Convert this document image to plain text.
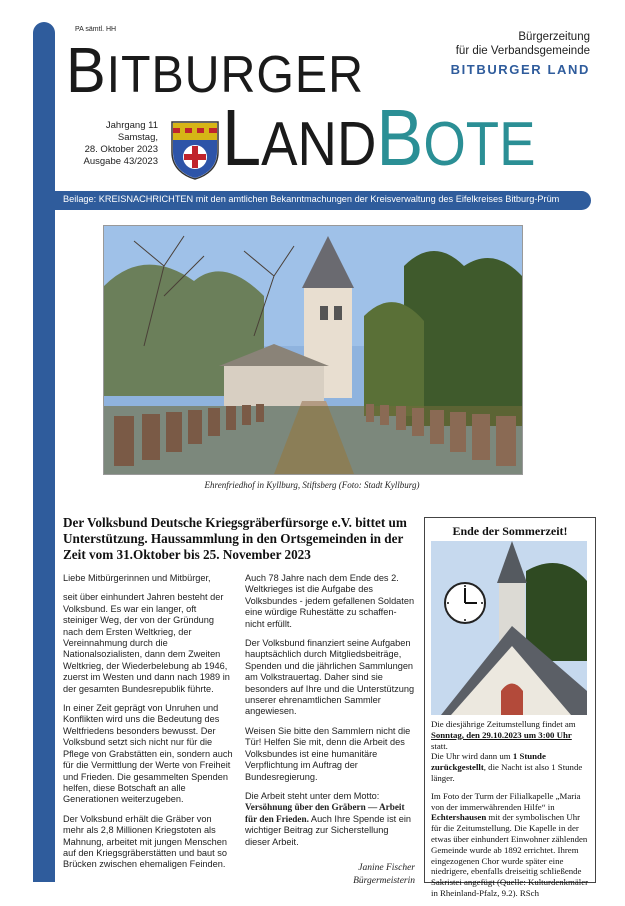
PA sämtl. HH
BITBURGER
Jahrgang 11
Samstag,
28. Oktober 2023
Ausgabe 43/2023 LANDBOTE
Bürgerzeitung
für die Verbandsgemeinde
BITBURGER LAND
Beilage: KREISNACHRICHTEN mit den amtlichen Bekanntmachungen der Kreisverwaltung des Eifelkreises Bitburg-Prüm
Ehrenfriedhof in Kyllburg, Stiftsberg (Foto: Stadt Kyllburg)
Der Volksbund Deutsche Kriegsgräberfürsorge e.V. bittet um Unterstützung. Haussammlung in den Ortsgemeinden in der Zeit vom 31.Oktober bis 25. November 2023

Liebe Mitbürgerinnen und Mitbürger,

seit über einhundert Jahren besteht der Volksbund. Es war ein langer, oft steiniger Weg, der von der Gründung nach dem Ersten Weltkrieg, der Vereinnahmung durch die Nationalsozialisten, dann dem Zweiten Weltkrieg, der Wiederbelebung ab 1946, zuerst im Westen und dann nach 1989 in der gesamten Bundesrepublik führte.

In einer Zeit geprägt von Unruhen und Konflikten wird uns die Bedeutung des Weltfriedens besonders bewusst. Der Volksbund setzt sich nicht nur für die Pflege von Grabstätten ein, sondern auch für die Vermittlung der Werte von Freiheit und Frieden. Die gesammelten Spenden helfen, diese Botschaft an alle Generationen weiterzugeben.

Der Volksbund erhält die Gräber von mehr als 2,8 Millionen Kriegstoten als Mahnung, arbeitet mit jungen Menschen auf den Kriegsgräberstätten und baut so Brücken zwischen ehemaligen Feinden.

Auch 78 Jahre nach dem Ende des 2. Weltkrieges ist die Aufgabe des Volksbundes - jedem gefallenen Soldaten eine würdige Ruhestätte zu schaffen- nicht erfüllt.

Der Volksbund finanziert seine Aufgaben hauptsächlich durch Mitgliedsbeiträge, Spenden und die jährlichen Sammlungen am Volkstrauertag. Daher sind sie besonders auf Ihre und die Unterstützung unserer ehrenamtlichen Sammler angewiesen.

Weisen Sie bitte den Sammlern nicht die Tür! Helfen Sie mit, denn die Arbeit des Volksbundes ist eine humanitäre Verpflichtung im Auftrag der Bundesregierung.

Die Arbeit steht unter dem Motto:
Versöhnung über den Gräbern — Arbeit für den Frieden. Auch Ihre Spende ist ein wichtiger Beitrag zur Sicherstellung dieser Arbeit.

Janine Fischer
Bürgermeisterin
Ende der Sommerzeit!

Die diesjährige Zeitumstellung findet am Sonntag, den 29.10.2023 um 3:00 Uhr statt.
Die Uhr wird dann um 1 Stunde zurückgestellt, die Nacht ist also 1 Stunde länger.

Im Foto der Turm der Filialkapelle „Maria von der immerwährenden Hilfe“ in Echtershausen mit der symbolischen Uhr für die Zeitumstellung. Die Kapelle in der etwas über einhundert Einwohner zählenden Gemeinde wurde ab 1892 errichtet. Ihrem eingezogenen Chor wurde später eine niedrigere, ebenfalls dreiseitig schließende Sakristei angefügt (Quelle: Kulturdenkmäler in Rheinland-Pfalz, 9.2). RSch
